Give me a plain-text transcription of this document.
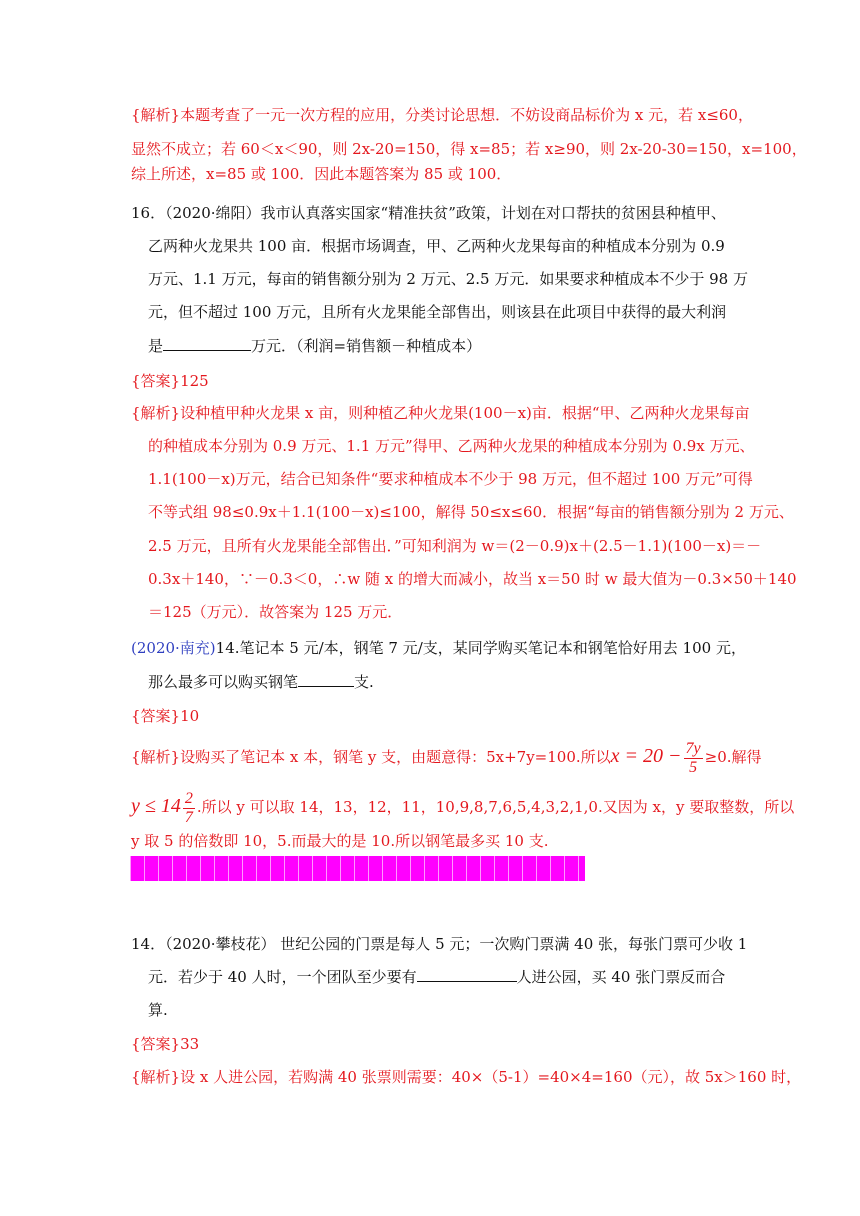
{解析}本题考查了一元一次方程的应用，分类讨论思想．不妨设商品标价为 x 元，若 x≤60，
显然不成立；若 60＜x＜90，则 2x-20=150，得 x=85；若 x≥90，则 2x-20-30=150，x=100，
综上所述，x=85 或 100．因此本题答案为 85 或 100．
16．（2020·绵阳）我市认真落实国家“精准扶贫”政策，计划在对口帮扶的贫困县种植甲、
乙两种火龙果共 100 亩．根据市场调查，甲、乙两种火龙果每亩的种植成本分别为 0.9
万元、1.1 万元，每亩的销售额分别为 2 万元、2.5 万元．如果要求种植成本不少于 98 万
元，但不超过 100 万元，且所有火龙果能全部售出，则该县在此项目中获得的最大利润
是	万元．（利润=销售额－种植成本）
{答案}125
{解析}设种植甲种火龙果 x 亩，则种植乙种火龙果(100－x)亩．根据“甲、乙两种火龙果每亩
的种植成本分别为 0.9 万元、1.1 万元”得甲、乙两种火龙果的种植成本分别为 0.9x 万元、
1.1(100－x)万元，结合已知条件“要求种植成本不少于 98 万元，但不超过 100 万元”可得
不等式组 98≤0.9x＋1.1(100－x)≤100，解得 50≤x≤60．根据“每亩的销售额分别为 2 万元、
2.5 万元，且所有火龙果能全部售出．”可知利润为 w＝(2－0.9)x＋(2.5－1.1)(100－x)＝－
0.3x＋140，∵－0.3＜0，∴w 随 x 的增大而减小，故当 x＝50 时 w 最大值为－0.3×50＋140
＝125（万元）．故答案为 125 万元．
(2020·南充)14.笔记本 5 元/本，钢笔 7 元/支，某同学购买笔记本和钢笔恰好用去 100 元，
那么最多可以购买钢笔	支.
{答案}10
{解析}设购买了笔记本 x 本，钢笔 y 支，由题意得：5x+7y=100.所以$x = 20 - \frac{7y}{5} \ge 0$.解得
$y \le 14 \frac{2}{7}$ .所以 y 可以取 14，13，12，11，10,9,8,7,6,5,4,3,2,1,0.又因为 x，y 要取整数，所以
y 取 5 的倍数即 10，5.而最大的是 10.所以钢笔最多买 10 支.
14．（2020·攀枝花） 世纪公园的门票是每人 5 元；一次购门票满 40 张，每张门票可少收 1
元．若少于 40 人时，一个团队至少要有	人进公园，买 40 张门票反而合
算.
{答案}33
{解析}设 x 人进公园，若购满 40 张票则需要：40×（5-1）=40×4=160（元），故 5x＞160 时，
